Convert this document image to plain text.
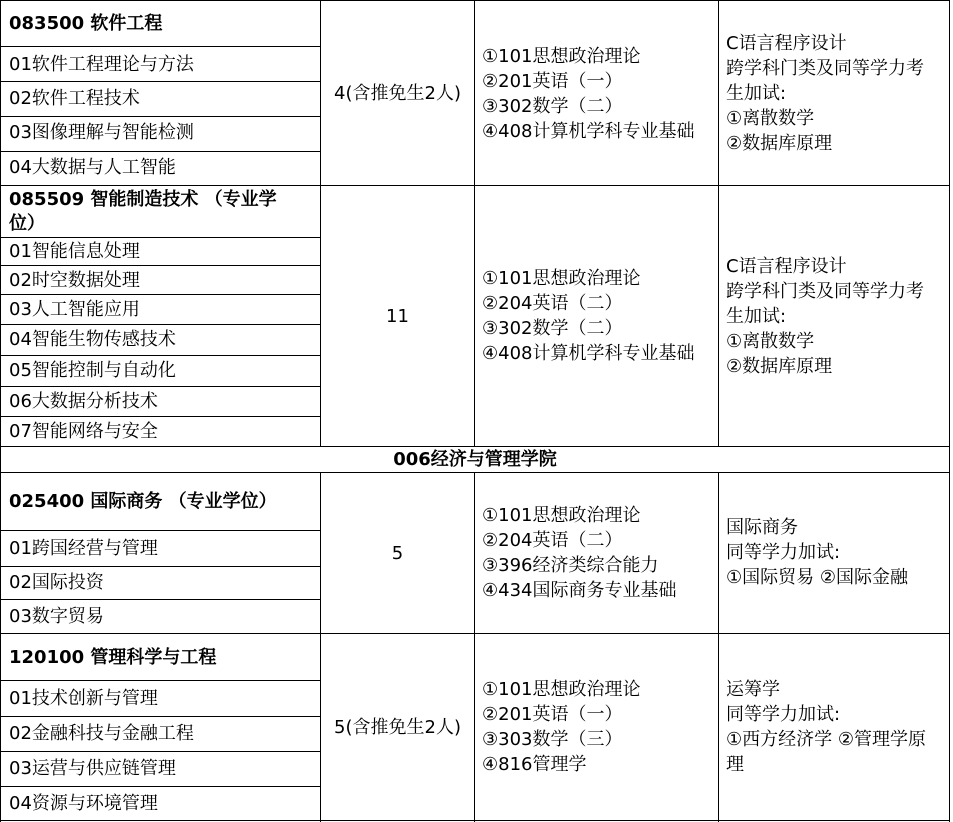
083500 软件工程
01软件工程理论与方法
02软件工程技术
03图像理解与智能检测
04大数据与人工智能
4(含推免生2人)
①101思想政治理论
②201英语（一）
③302数学（二）
④408计算机学科专业基础
C语言程序设计
跨学科门类及同等学力考
生加试:
①离散数学
②数据库原理
085509 智能制造技术 （专业学
位）
01智能信息处理
02时空数据处理
03人工智能应用
04智能生物传感技术
05智能控制与自动化
06大数据分析技术
07智能网络与安全
11
①101思想政治理论
②204英语（二）
③302数学（二）
④408计算机学科专业基础
C语言程序设计
跨学科门类及同等学力考
生加试:
①离散数学
②数据库原理
006经济与管理学院
025400 国际商务 （专业学位）
01跨国经营与管理
02国际投资
03数字贸易
5
①101思想政治理论
②204英语（二）
③396经济类综合能力
④434国际商务专业基础
国际商务
同等学力加试:
①国际贸易 ②国际金融
120100 管理科学与工程
01技术创新与管理
02金融科技与金融工程
03运营与供应链管理
04资源与环境管理
5(含推免生2人)
①101思想政治理论
②201英语（一）
③303数学（三）
④816管理学
运筹学
同等学力加试:
①西方经济学 ②管理学原
理
